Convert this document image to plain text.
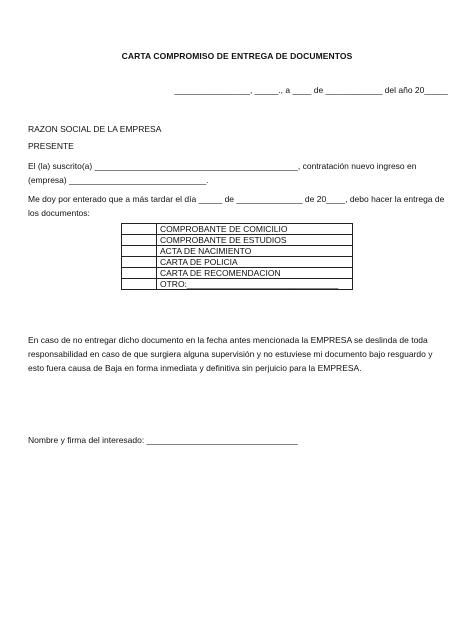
CARTA COMPROMISO DE ENTREGA DE DOCUMENTOS
________________, _____., a ____ de ____________ del año 20_____
RAZON SOCIAL DE LA EMPRESA
PRESENTE
El (la) suscrito(a) ___________________________________________, contratación nuevo ingreso en
(empresa) _____________________________.
Me doy por enterado que a más tardar el día _____ de ______________ de 20____, debo hacer la entrega de
los documentos:
	COMPROBANTE DE COMICILIO
	COMPROBANTE DE ESTUDIOS
	ACTA DE NACIMIENTO
	CARTA DE POLICIA
	CARTA DE RECOMENDACION
	OTRO:________________________________
En caso de no entregar dicho documento en la fecha antes mencionada la EMPRESA se deslinda de toda
responsabilidad en caso de que surgiera alguna supervisión y no estuviese mi documento bajo resguardo y
esto fuera causa de Baja en forma inmediata y definitiva sin perjuicio para la EMPRESA.
Nombre y firma del interesado: ________________________________
